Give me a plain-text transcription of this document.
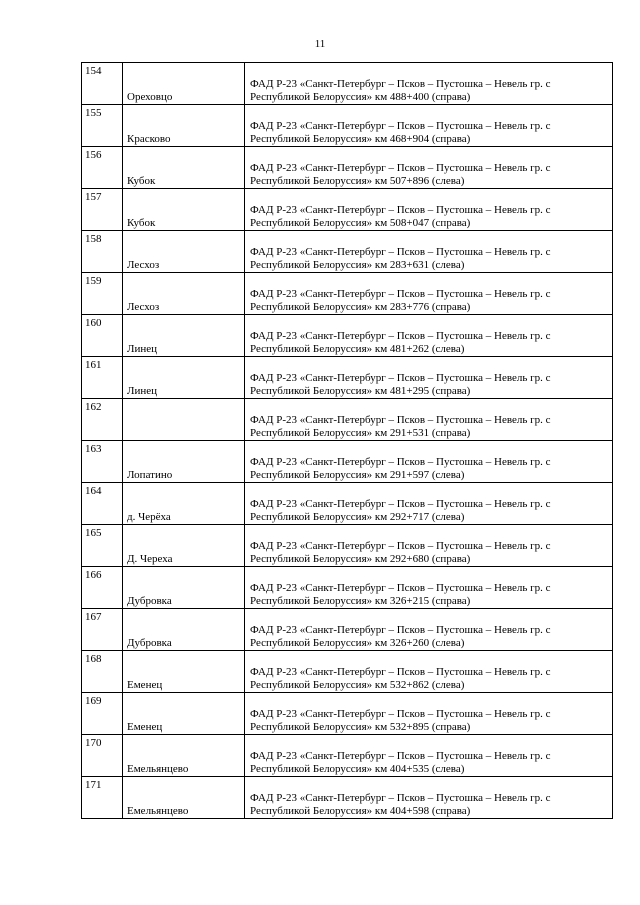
11
154	Ореховцо	ФАД Р-23 «Санкт-Петербург – Псков – Пустошка – Невель гр. с
Республикой Белоруссия» км 488+400 (справа)

155	Красково	ФАД Р-23 «Санкт-Петербург – Псков – Пустошка – Невель гр. с
Республикой Белоруссия» км 468+904 (справа)

156	Кубок	ФАД Р-23 «Санкт-Петербург – Псков – Пустошка – Невель гр. с
Республикой Белоруссия» км 507+896 (слева)

157	Кубок	ФАД Р-23 «Санкт-Петербург – Псков – Пустошка – Невель гр. с
Республикой Белоруссия» км 508+047 (справа)

158	Лесхоз	ФАД Р-23 «Санкт-Петербург – Псков – Пустошка – Невель гр. с
Республикой Белоруссия» км 283+631 (слева)

159	Лесхоз	ФАД Р-23 «Санкт-Петербург – Псков – Пустошка – Невель гр. с
Республикой Белоруссия» км 283+776 (справа)

160	Линец	ФАД Р-23 «Санкт-Петербург – Псков – Пустошка – Невель гр. с
Республикой Белоруссия» км 481+262 (слева)

161	Линец	ФАД Р-23 «Санкт-Петербург – Псков – Пустошка – Невель гр. с
Республикой Белоруссия» км 481+295 (справа)

162		ФАД Р-23 «Санкт-Петербург – Псков – Пустошка – Невель гр. с
Республикой Белоруссия» км 291+531 (справа)

163	Лопатино	ФАД Р-23 «Санкт-Петербург – Псков – Пустошка – Невель гр. с
Республикой Белоруссия» км 291+597 (слева)

164	д. Черёха	ФАД Р-23 «Санкт-Петербург – Псков – Пустошка – Невель гр. с
Республикой Белоруссия» км 292+717 (слева)

165	Д. Череха	ФАД Р-23 «Санкт-Петербург – Псков – Пустошка – Невель гр. с
Республикой Белоруссия» км 292+680 (справа)

166	Дубровка	ФАД Р-23 «Санкт-Петербург – Псков – Пустошка – Невель гр. с
Республикой Белоруссия» км 326+215 (справа)

167	Дубровка	ФАД Р-23 «Санкт-Петербург – Псков – Пустошка – Невель гр. с
Республикой Белоруссия» км 326+260 (слева)

168	Еменец	ФАД Р-23 «Санкт-Петербург – Псков – Пустошка – Невель гр. с
Республикой Белоруссия» км 532+862 (слева)

169	Еменец	ФАД Р-23 «Санкт-Петербург – Псков – Пустошка – Невель гр. с
Республикой Белоруссия» км 532+895 (справа)

170	Емельянцево	ФАД Р-23 «Санкт-Петербург – Псков – Пустошка – Невель гр. с
Республикой Белоруссия» км 404+535 (слева)

171	Емельянцево	ФАД Р-23 «Санкт-Петербург – Псков – Пустошка – Невель гр. с
Республикой Белоруссия» км 404+598 (справа)
